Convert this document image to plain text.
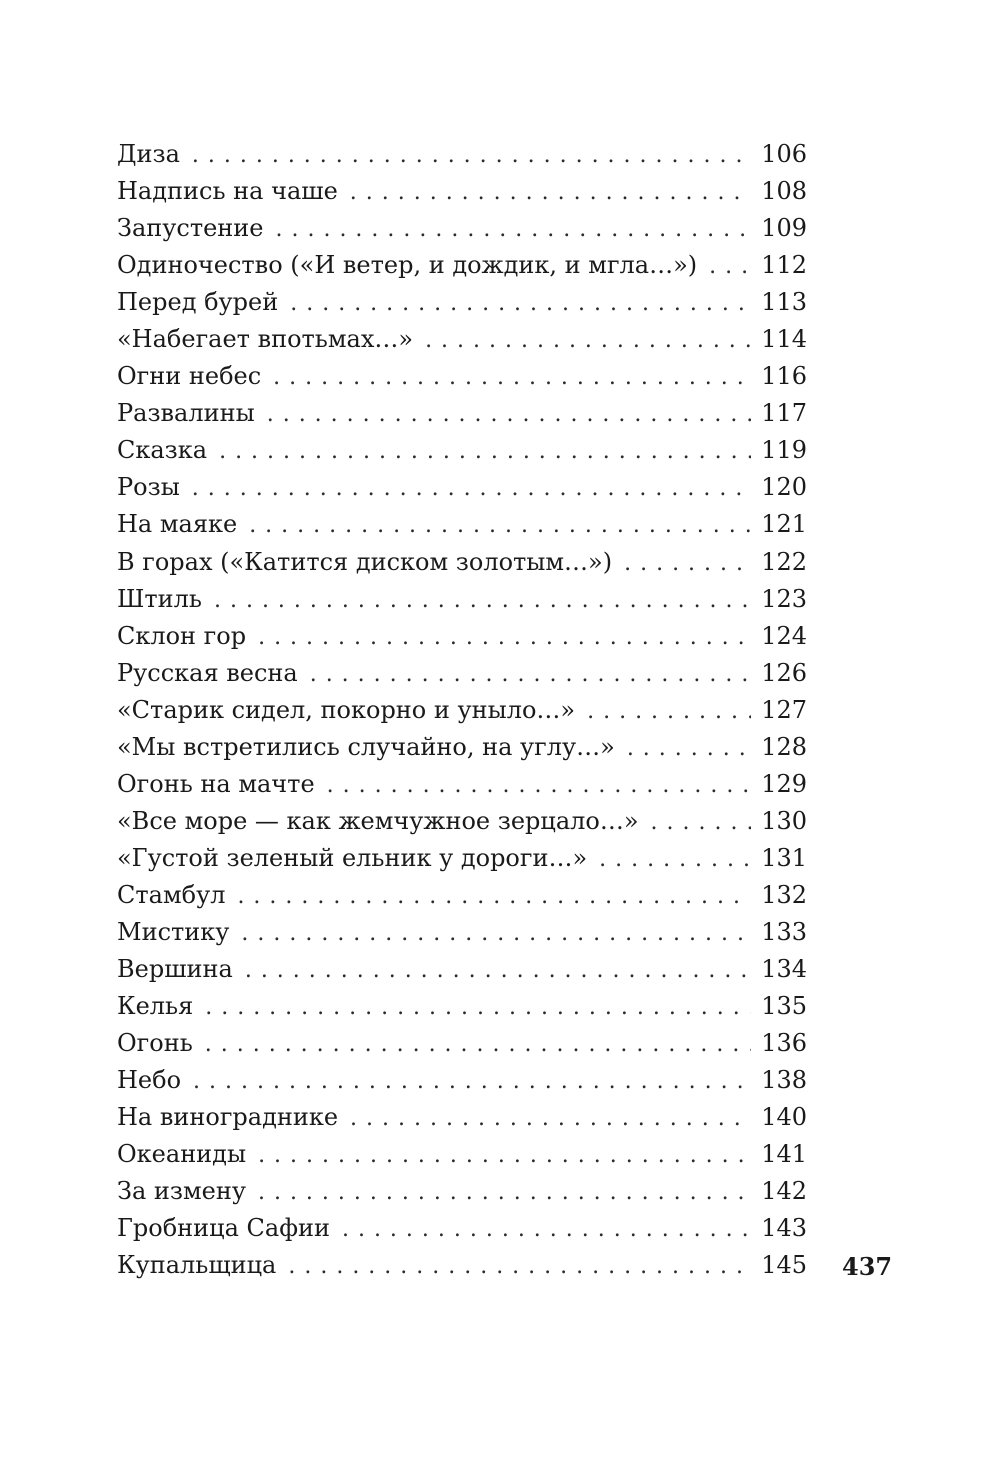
Диза . . .	106
Надпись на чаше . . .	108
Запустение . . .	109
Одиночество («И ветер, и дождик, и мгла…») . . .	112
Перед бурей . . .	113
«Набегает впотьмах…» . . .	114
Огни небес . . .	116
Развалины . . .	117
Сказка . . .	119
Розы . . .	120
На маяке . . .	121
В горах («Катится диском золотым…») . . .	122
Штиль . . .	123
Склон гор . . .	124
Русская весна . . .	126
«Старик сидел, покорно и уныло…» . . .	127
«Мы встретились случайно, на углу…» . . .	128
Огонь на мачте . . .	129
«Все море — как жемчужное зерцало…» . . .	130
«Густой зеленый ельник у дороги…» . . .	131
Стамбул . . .	132
Мистику . . .	133
Вершина . . .	134
Келья . . .	135
Огонь . . .	136
Небо . . .	138
На винограднике . . .	140
Океаниды . . .	141
За измену . . .	142
Гробница Сафии . . .	143
Купальщица . . .	145 437
